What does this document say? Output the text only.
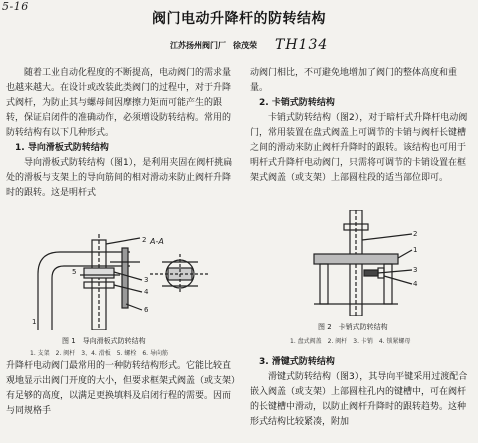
5-16
阀门电动升降杆的防转结构
江苏扬州阀门厂 徐茂荣 TH134

随着工业自动化程度的不断提高，电动阀门的需求量也越来越大。在设计或改装此类阀门的过程中，对于升降式阀杆，为防止其与螺母间因摩擦力矩而可能产生的跟转，保证启闭件的准确动作，必须增设防转结构。常用的防转结构有以下几种形式。

1. 导向滑板式防转结构

导向滑板式防转结构（图1），是利用夹固在阀杆挑扁处的滑板与支架上的导向筋间的相对滑动来防止阀杆升降时的跟转。这是明杆式

A-A
2
3
4
6
1
5
图 1　导向滑板式防转结构
1. 支架　2. 阀杆　3、4. 滑板　5. 螺栓　6. 导向筋

升降杆电动阀门最常用的一种防转结构形式。它能比较直观地显示出阀门开度的大小，但要求框架式阀盖（或支架）有足够的高度，以满足更换填料及启闭行程的需要。因而与同规格手

动阀门相比，不可避免地增加了阀门的整体高度和重量。

2. 卡销式防转结构

卡销式防转结构（图2），对于暗杆式升降杆电动阀门，常用装置在盘式阀盖上可调节的卡销与阀杆长键槽之间的滑动来防止阀杆升降时的跟转。该结构也可用于明杆式升降杆电动阀门，只需将可调节的卡销设置在框架式阀盖（或支架）上部圆柱段的适当部位即可。

2
1
3
4
图 2　卡销式防转结构
1. 盘式阀盖　2. 阀杆　3. 卡销　4. 锁紧螺母
3. 滑键式防转结构

滑键式防转结构（图3），其导向平键采用过渡配合嵌入阀盖（或支架）上部圆柱孔内的键槽中，可在阀杆的长键槽中滑动，以防止阀杆升降时的跟转趋势。这种形式结构比较紧凑，附加
